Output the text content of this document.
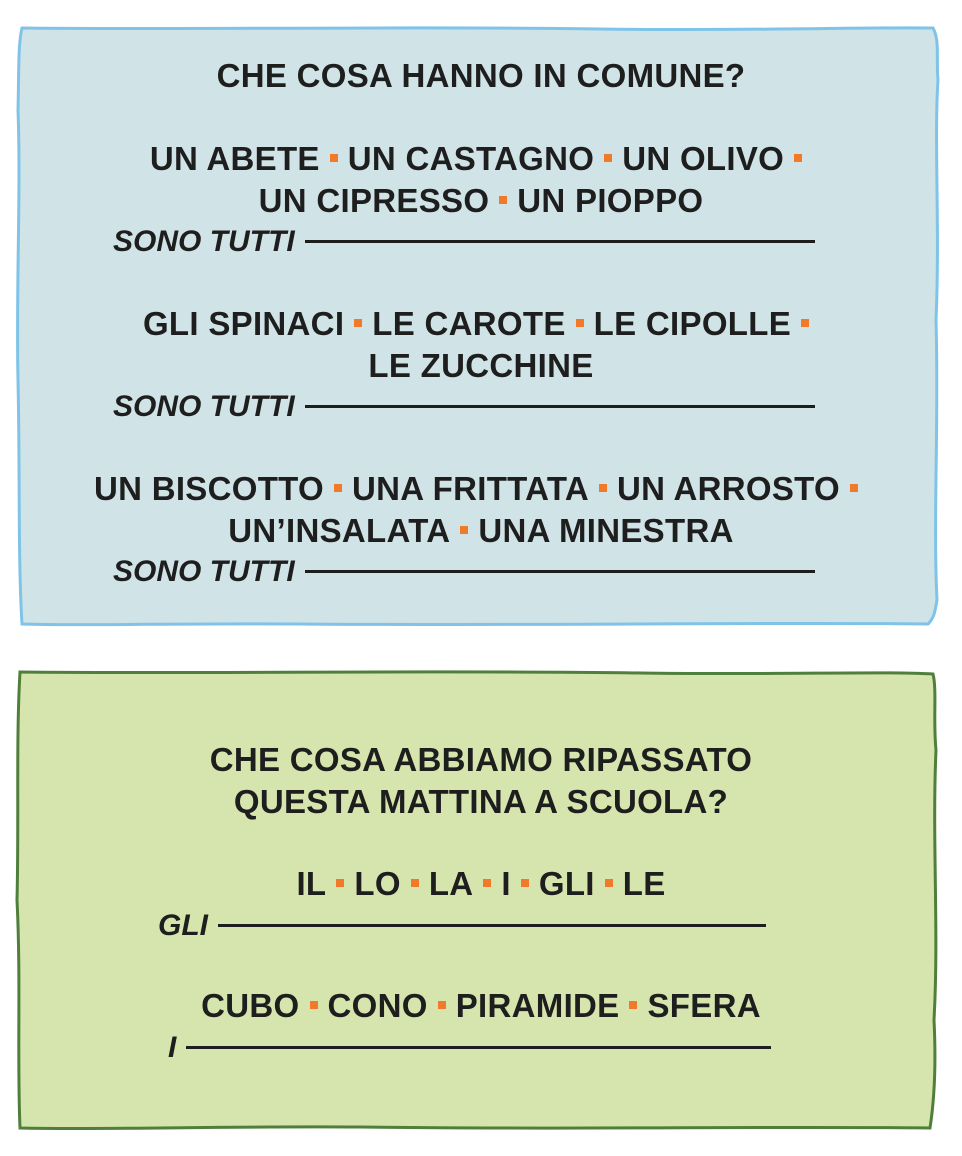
CHE COSA HANNO IN COMUNE?
UN ABETE UN CASTAGNO UN OLIVO
UN CIPRESSO UN PIOPPO
SONO TUTTI
GLI SPINACI LE CAROTE LE CIPOLLE
LE ZUCCHINE
SONO TUTTI
UN BISCOTTO UNA FRITTATA UN ARROSTO
UN’INSALATA UNA MINESTRA
SONO TUTTI
CHE COSA ABBIAMO RIPASSATO
QUESTA MATTINA A SCUOLA?
IL LO LA I GLI LE
GLI
CUBO CONO PIRAMIDE SFERA
I
